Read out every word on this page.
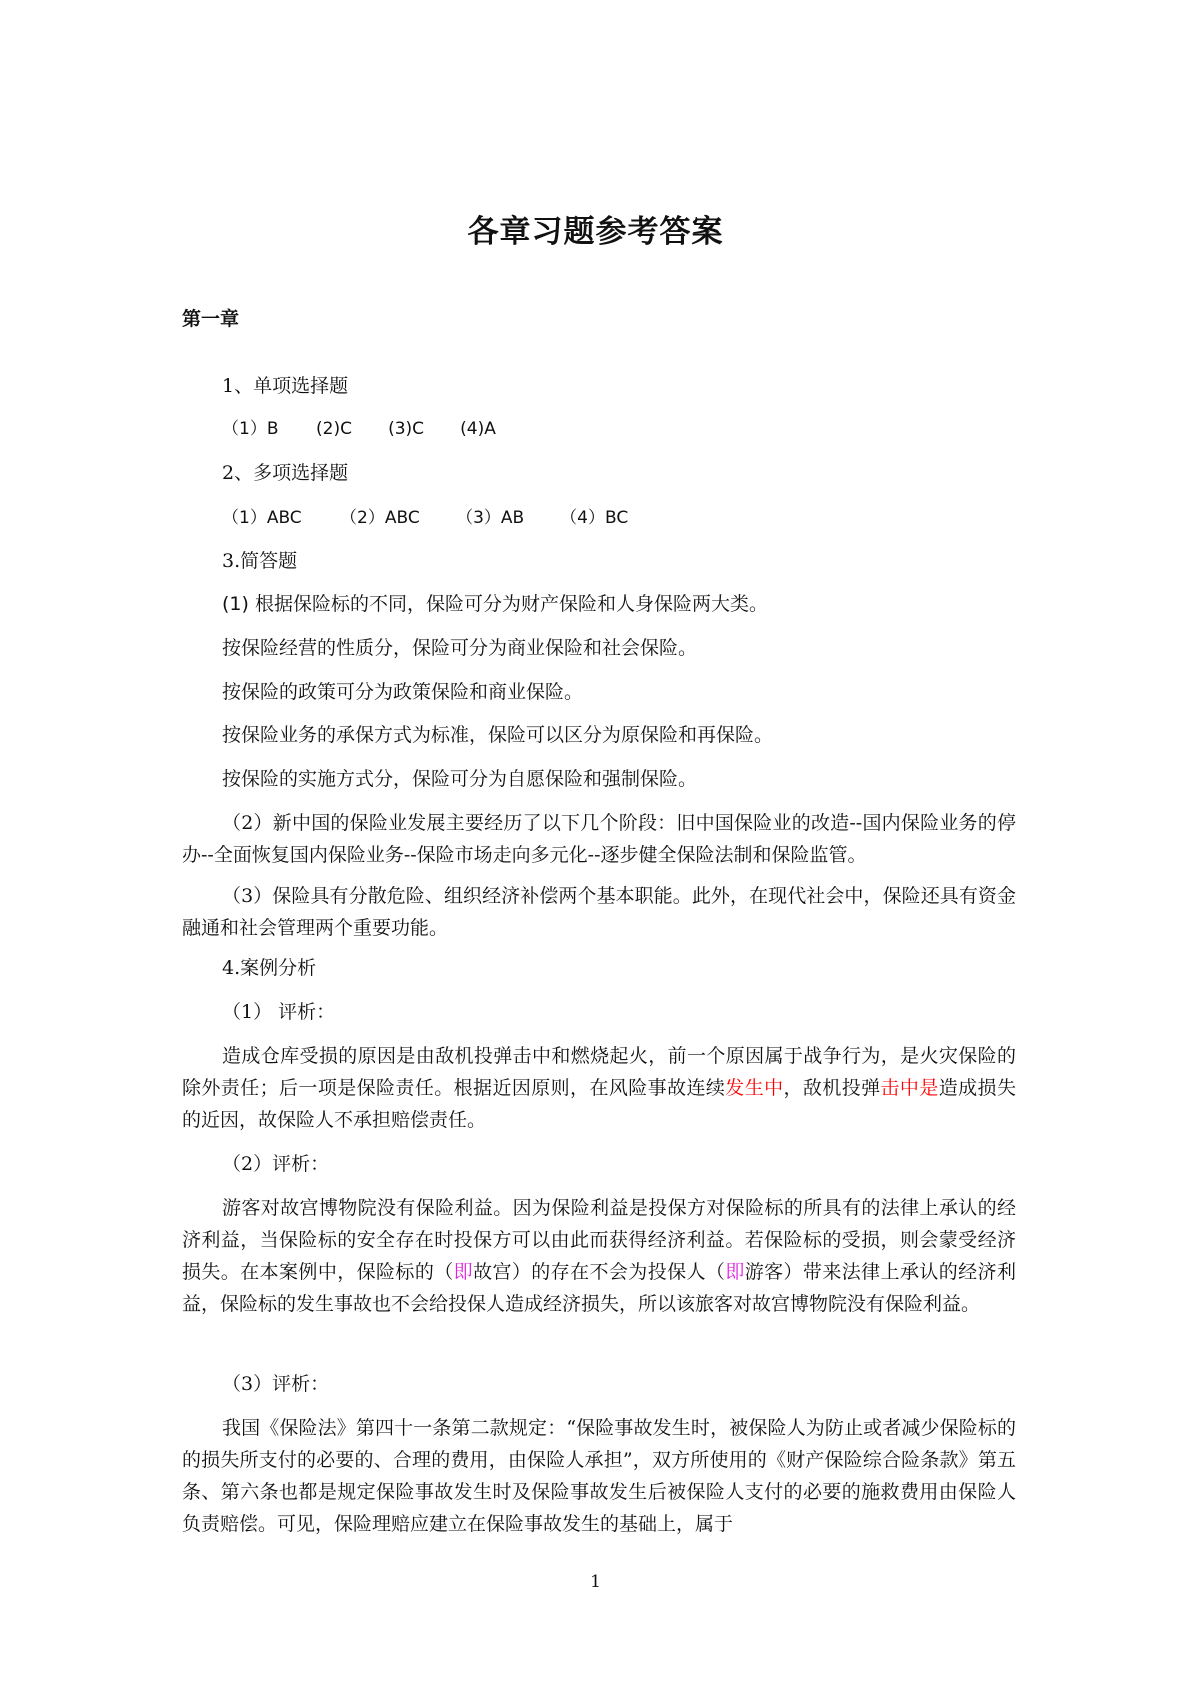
各章习题参考答案
第一章
1、单项选择题
（1）B (2)C (3)C (4)A
2、多项选择题
（1）ABC （2）ABC （3）AB （4）BC
3.简答题
(1) 根据保险标的不同，保险可分为财产保险和人身保险两大类。
按保险经营的性质分，保险可分为商业保险和社会保险。
按保险的政策可分为政策保险和商业保险。
按保险业务的承保方式为标准，保险可以区分为原保险和再保险。
按保险的实施方式分，保险可分为自愿保险和强制保险。
（2）新中国的保险业发展主要经历了以下几个阶段：旧中国保险业的改造--国内保险业务的停办--全面恢复国内保险业务--保险市场走向多元化--逐步健全保险法制和保险监管。
（3）保险具有分散危险、组织经济补偿两个基本职能。此外，在现代社会中，保险还具有资金融通和社会管理两个重要功能。
4.案例分析
（1） 评析：
造成仓库受损的原因是由敌机投弹击中和燃烧起火，前一个原因属于战争行为，是火灾保险的除外责任；后一项是保险责任。根据近因原则，在风险事故连续发生中，敌机投弹击中是造成损失的近因，故保险人不承担赔偿责任。
（2）评析：
游客对故宫博物院没有保险利益。因为保险利益是投保方对保险标的所具有的法律上承认的经济利益，当保险标的安全存在时投保方可以由此而获得经济利益。若保险标的受损，则会蒙受经济损失。在本案例中，保险标的（即故宫）的存在不会为投保人（即游客）带来法律上承认的经济利益，保险标的发生事故也不会给投保人造成经济损失，所以该旅客对故宫博物院没有保险利益。
（3）评析：
我国《保险法》第四十一条第二款规定：“保险事故发生时，被保险人为防止或者减少保险标的的损失所支付的必要的、合理的费用，由保险人承担”，双方所使用的《财产保险综合险条款》第五条、第六条也都是规定保险事故发生时及保险事故发生后被保险人支付的必要的施救费用由保险人负责赔偿。可见，保险理赔应建立在保险事故发生的基础上，属于
1
